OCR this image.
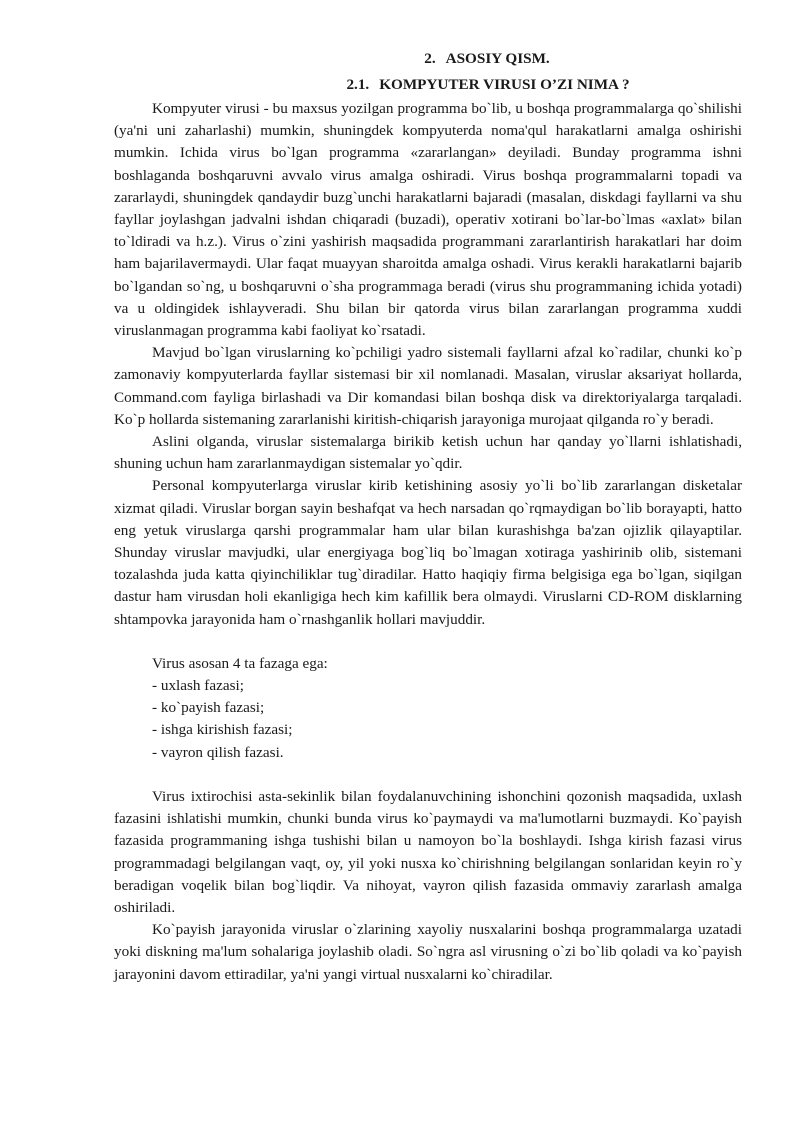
2. ASOSIY QISM.
2.1. KOMPYUTER VIRUSI O’ZI NIMA ?

Kompyuter virusi - bu maxsus yozilgan programma bo`lib, u boshqa programmalarga qo`shilishi (ya'ni uni zaharlashi) mumkin, shuningdek kompyuterda noma'qul harakatlarni amalga oshirishi mumkin. Ichida virus bo`lgan programma «zararlangan» deyiladi. Bunday programma ishni boshlaganda boshqaruvni avvalo virus amalga oshiradi. Virus boshqa programmalarni topadi va zararlaydi, shuningdek qandaydir buzg`unchi harakatlarni bajaradi (masalan, diskdagi fayllarni va shu fayllar joylashgan jadvalni ishdan chiqaradi (buzadi), operativ xotirani bo`lar-bo`lmas «axlat» bilan to`ldiradi va h.z.). Virus o`zini yashirish maqsadida programmani zararlantirish harakatlari har doim ham bajarilavermaydi. Ular faqat muayyan sharoitda amalga oshadi. Virus kerakli harakatlarni bajarib bo`lgandan so`ng, u boshqaruvni o`sha programmaga beradi (virus shu programmaning ichida yotadi) va u oldingidek ishlayveradi. Shu bilan bir qatorda virus bilan zararlangan programma xuddi viruslanmagan programma kabi faoliyat ko`rsatadi.

Mavjud bo`lgan viruslarning ko`pchiligi yadro sistemali fayllarni afzal ko`radilar, chunki ko`p zamonaviy kompyuterlarda fayllar sistemasi bir xil nomlanadi. Masalan, viruslar aksariyat hollarda, Command.com fayliga birlashadi va Dir komandasi bilan boshqa disk va direktoriyalarga tarqaladi. Ko`p hollarda sistemaning zararlanishi kiritish-chiqarish jarayoniga murojaat qilganda ro`y beradi.

Aslini olganda, viruslar sistemalarga birikib ketish uchun har qanday yo`llarni ishlatishadi, shuning uchun ham zararlanmaydigan sistemalar yo`qdir.

Personal kompyuterlarga viruslar kirib ketishining asosiy yo`li bo`lib zararlangan disketalar xizmat qiladi. Viruslar borgan sayin beshafqat va hech narsadan qo`rqmaydigan bo`lib borayapti, hatto eng yetuk viruslarga qarshi programmalar ham ular bilan kurashishga ba'zan ojizlik qilayaptilar. Shunday viruslar mavjudki, ular energiyaga bog`liq bo`lmagan xotiraga yashirinib olib, sistemani tozalashda juda katta qiyinchiliklar tug`diradilar. Hatto haqiqiy firma belgisiga ega bo`lgan, siqilgan dastur ham virusdan holi ekanligiga hech kim kafillik bera olmaydi. Viruslarni CD-ROM disklarning shtampovka jarayonida ham o`rnashganlik hollari mavjuddir.

Virus asosan 4 ta fazaga ega:
- uxlash fazasi;
- ko`payish fazasi;
- ishga kirishish fazasi;
- vayron qilish fazasi.

Virus ixtirochisi asta-sekinlik bilan foydalanuvchining ishonchini qozonish maqsadida, uxlash fazasini ishlatishi mumkin, chunki bunda virus ko`paymaydi va ma'lumotlarni buzmaydi. Ko`payish fazasida programmaning ishga tushishi bilan u namoyon bo`la boshlaydi. Ishga kirish fazasi virus programmadagi belgilangan vaqt, oy, yil yoki nusxa ko`chirishning belgilangan sonlaridan keyin ro`y beradigan voqelik bilan bog`liqdir. Va nihoyat, vayron qilish fazasida ommaviy zararlash amalga oshiriladi.

Ko`payish jarayonida viruslar o`zlarining xayoliy nusxalarini boshqa programmalarga uzatadi yoki diskning ma'lum sohalariga joylashib oladi. So`ngra asl virusning o`zi bo`lib qoladi va ko`payish jarayonini davom ettiradilar, ya'ni yangi virtual nusxalarni ko`chiradilar.
